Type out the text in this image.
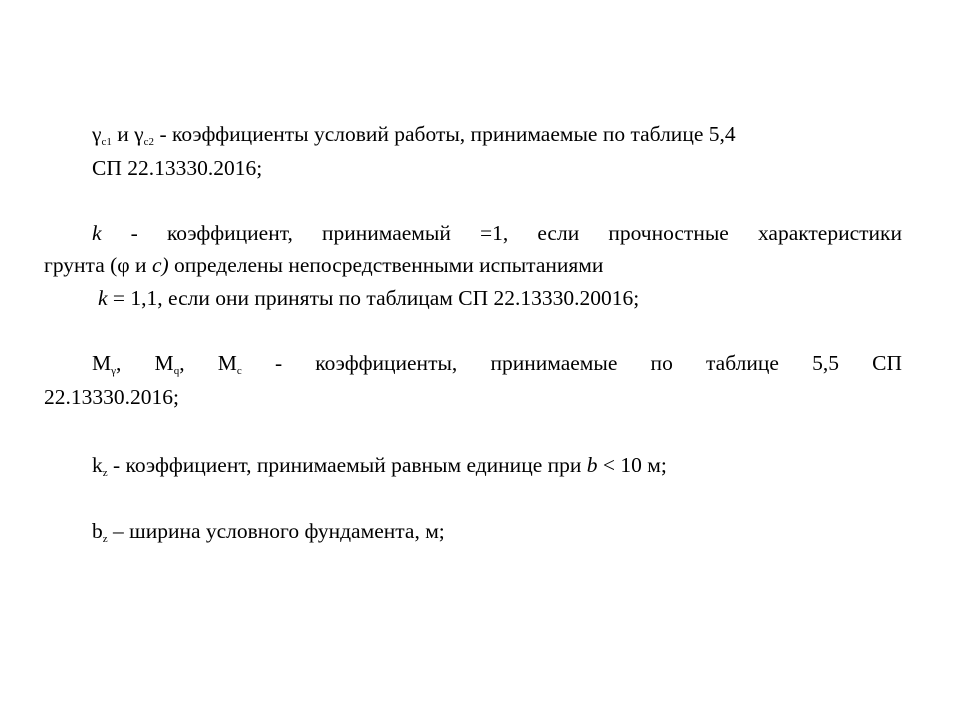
$\gamma_{c1}$ и $\gamma_{c2}$ - коэффициенты условий работы, принимаемые по таблице 5,4
СП 22.13330.2016;
k - коэффициент, принимаемый =1, если прочностные характеристики
грунта (φ и с) определены непосредственными испытаниями
k = 1,1, если они приняты по таблицам СП 22.13330.20016;
$М_\gamma$, $М_q$, $М_c$ - коэффициенты, принимаемые по таблице 5,5 СП
22.13330.2016;
$k_z$ - коэффициент, принимаемый равным единице при b < 10 м;
$b_z$ – ширина условного фундамента, м;
